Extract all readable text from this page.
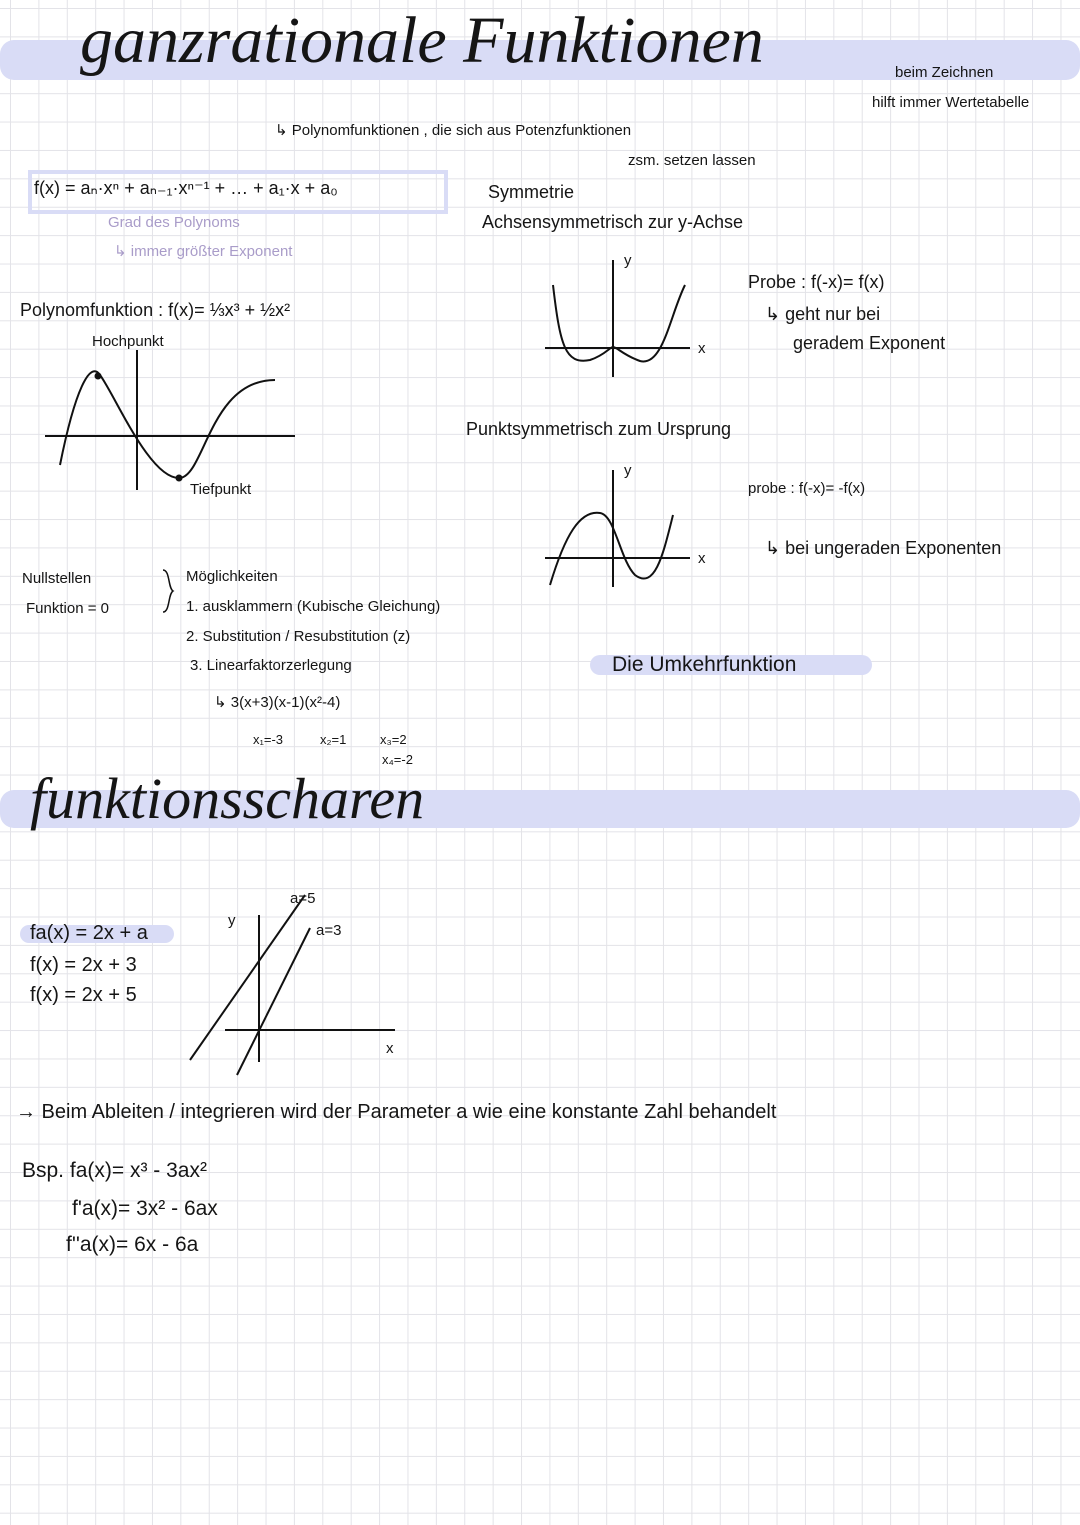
ganzrationale Funktionen	beim Zeichnen
hilft immer Wertetabelle
↳ Polynomfunktionen , die sich aus Potenzfunktionen
zsm. setzen lassen
f(x) = aₙ·xⁿ + aₙ₋₁·xⁿ⁻¹ + … + a₁·x + a₀
Grad des Polynoms
↳ immer größter Exponent
Polynomfunktion : f(x)= ⅓x³ + ½x²
Hochpunkt
Tiefpunkt
Symmetrie
Achsensymmetrisch zur y-Achse
y
x
Probe : f(-x)= f(x)
↳ geht nur bei
geradem Exponent
Punktsymmetrisch zum Ursprung
y
x
probe : f(-x)= -f(x)
↳ bei ungeraden Exponenten
Nullstellen
Funktion = 0
Möglichkeiten
1. ausklammern (Kubische Gleichung)
2. Substitution / Resubstitution (z)
3. Linearfaktorzerlegung
↳ 3(x+3)(x-1)(x²-4)
x₁=-3	x₂=1	x₃=2
x₄=-2
Die Umkehrfunktion
funktionsscharen
fa(x) = 2x + a
f(x) = 2x + 3
f(x) = 2x + 5
y
x
a=5
a=3
→ Beim Ableiten / integrieren wird der Parameter a wie eine konstante Zahl behandelt
Bsp. fa(x)= x³ - 3ax²
f'a(x)= 3x² - 6ax
f''a(x)= 6x - 6a
